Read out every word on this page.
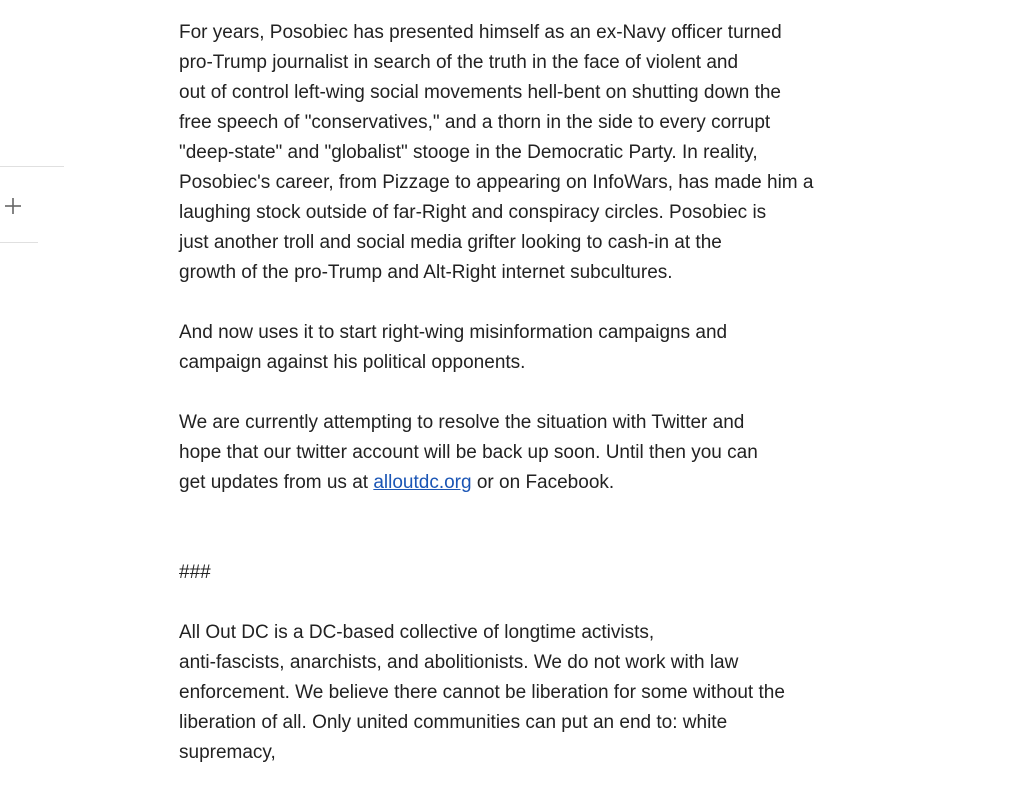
For years, Posobiec has presented himself as an ex-Navy officer turned
pro-Trump journalist in search of the truth in the face of violent and
out of control left-wing social movements hell-bent on shutting down the
free speech of "conservatives," and a thorn in the side to every corrupt
"deep-state" and "globalist" stooge in the Democratic Party. In reality,
Posobiec's career, from Pizzage to appearing on InfoWars, has made him a
laughing stock outside of far-Right and conspiracy circles. Posobiec is
just another troll and social media grifter looking to cash-in at the
growth of the pro-Trump and Alt-Right internet subcultures.

And now uses it to start right-wing misinformation campaigns and
campaign against his political opponents.

We are currently attempting to resolve the situation with Twitter and
hope that our twitter account will be back up soon. Until then you can
get updates from us at alloutdc.org or on Facebook.

###

All Out DC is a DC-based collective of longtime activists,
anti-fascists, anarchists, and abolitionists. We do not work with law
enforcement. We believe there cannot be liberation for some without the
liberation of all. Only united communities can put an end to: white
supremacy,
